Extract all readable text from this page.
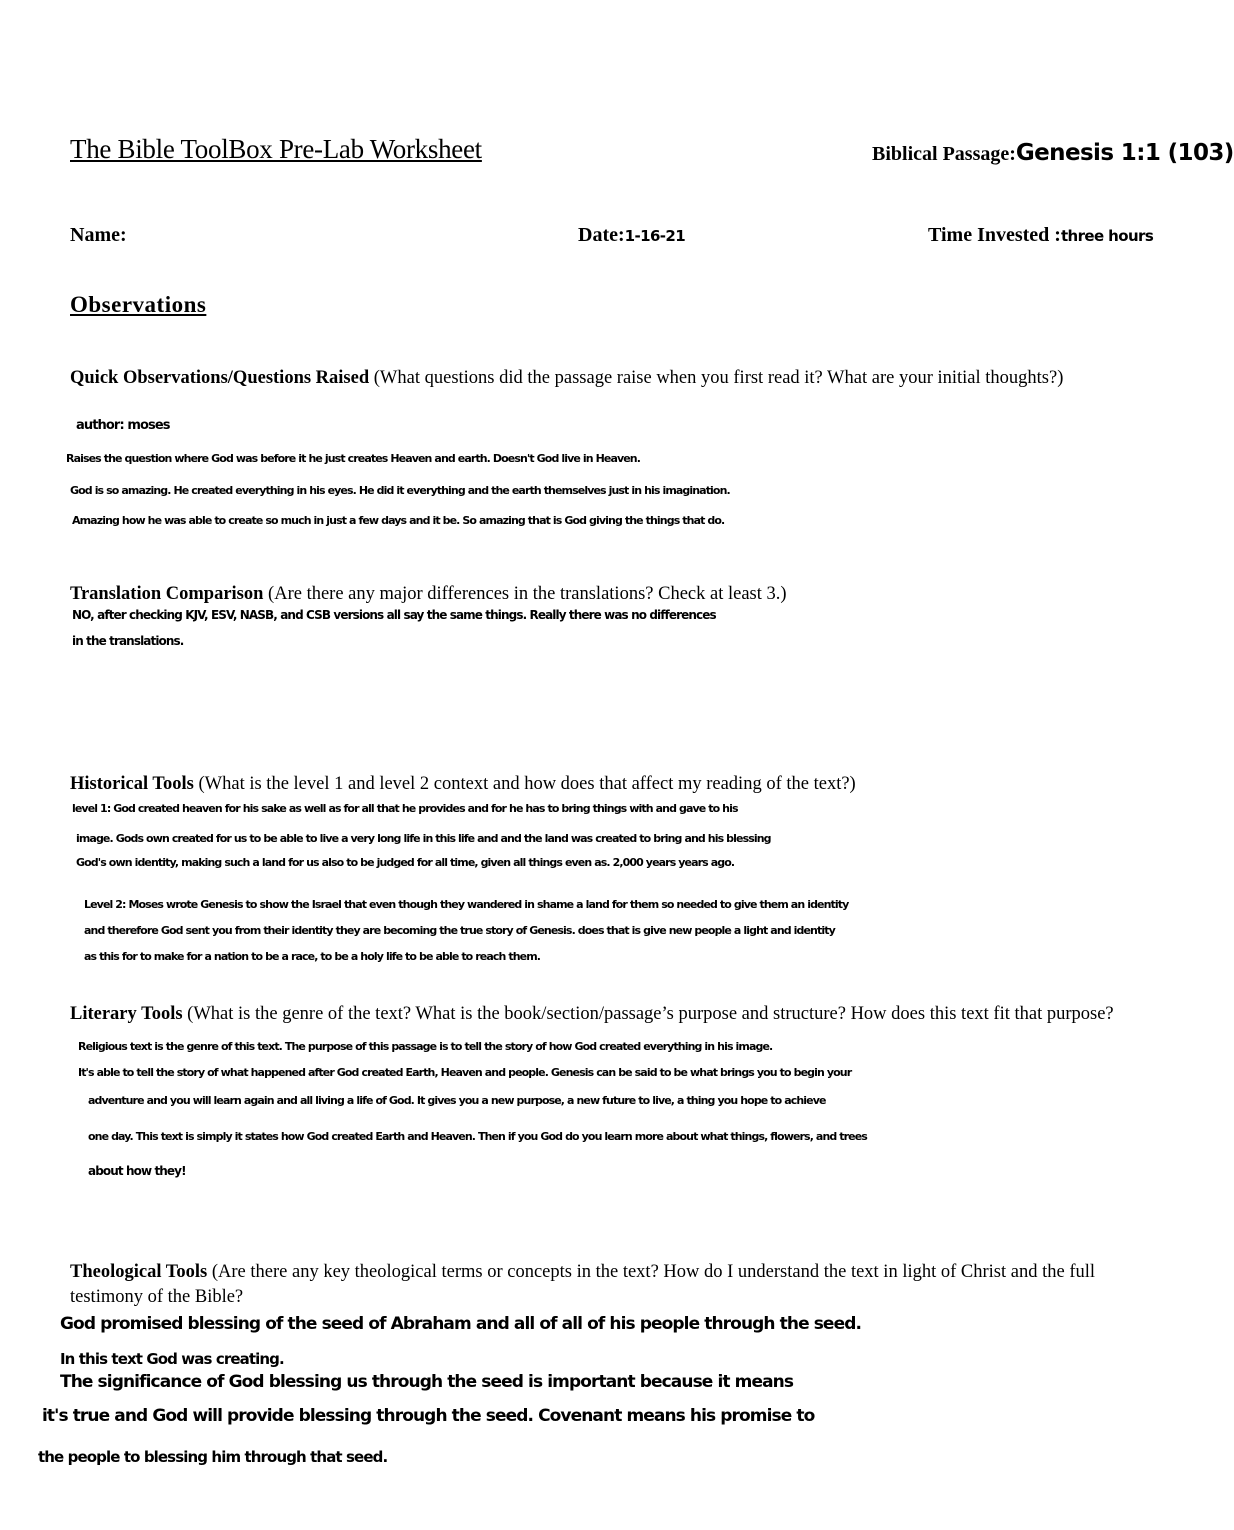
The Bible ToolBox Pre-Lab Worksheet	Biblical Passage:Genesis 1:1 (103)
Name:	Date:1-16-21	Time Invested :three hours
Observations
Quick Observations/Questions Raised (What questions did the passage raise when you first read it? What are your initial thoughts?)
author: moses
Raises the question where God was before it he just creates Heaven and earth. Doesn't God live in Heaven.
God is so amazing. He created everything in his eyes. He did it everything and the earth themselves just in his imagination.
Amazing how he was able to create so much in just a few days and it be. So amazing that is God giving the things that do.
Translation Comparison (Are there any major differences in the translations? Check at least 3.)
NO, after checking KJV, ESV, NASB, and CSB versions all say the same things. Really there was no differences
in the translations.
Historical Tools (What is the level 1 and level 2 context and how does that affect my reading of the text?)
level 1: God created heaven for his sake as well as for all that he provides and for he has to bring things with and gave to his
image. Gods own created for us to be able to live a very long life in this life and and the land was created to bring and his blessing
God's own identity, making such a land for us also to be judged for all time, given all things even as. 2,000 years years ago.
Level 2: Moses wrote Genesis to show the Israel that even though they wandered in shame a land for them so needed to give them an identity
and therefore God sent you from their identity they are becoming the true story of Genesis. does that is give new people a light and identity
as this for to make for a nation to be a race, to be a holy life to be able to reach them.
Literary Tools (What is the genre of the text? What is the book/section/passage’s purpose and structure? How does this text fit that purpose?
Religious text is the genre of this text. The purpose of this passage is to tell the story of how God created everything in his image.
It's able to tell the story of what happened after God created Earth, Heaven and people. Genesis can be said to be what brings you to begin your
adventure and you will learn again and all living a life of God. It gives you a new purpose, a new future to live, a thing you hope to achieve
one day. This text is simply it states how God created Earth and Heaven. Then if you God do you learn more about what things, flowers, and trees
about how they!
Theological Tools (Are there any key theological terms or concepts in the text? How do I understand the text in light of Christ and the full testimony of the Bible?
God promised blessing of the seed of Abraham and all of all of his people through the seed.
In this text God was creating.
The significance of God blessing us through the seed is important because it means
it's true and God will provide blessing through the seed. Covenant means his promise to
the people to blessing him through that seed.
